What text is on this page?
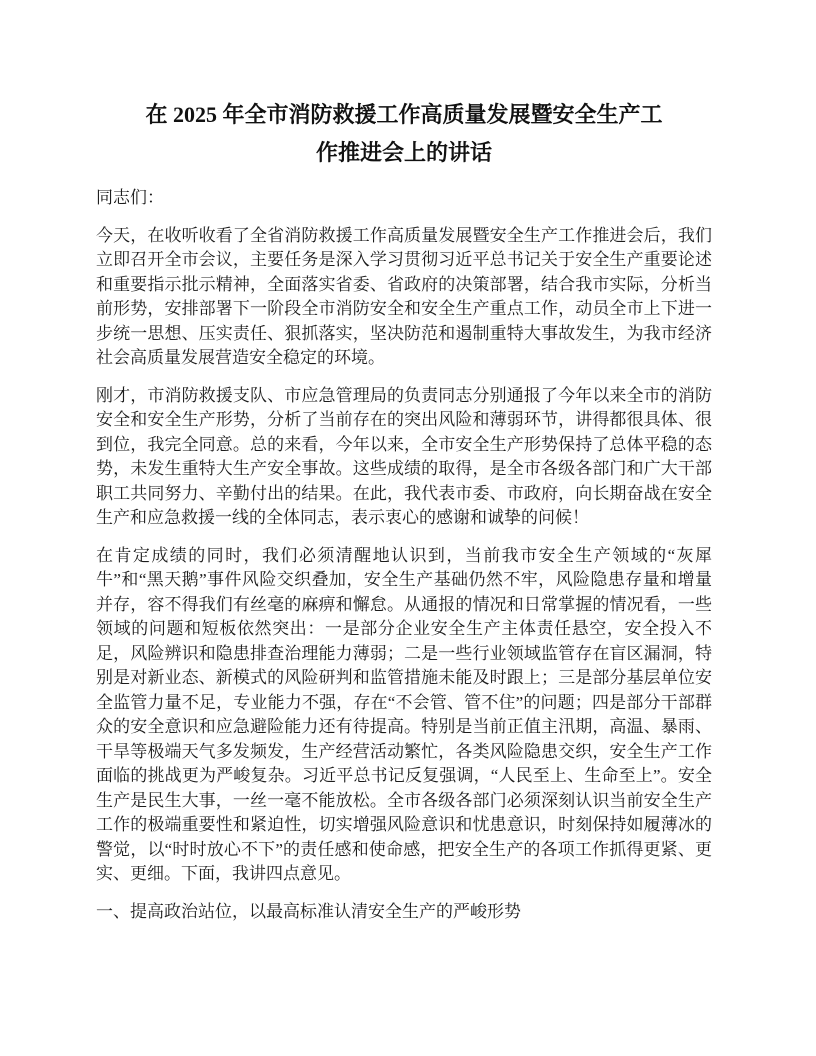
在 2025 年全市消防救援工作高质量发展暨安全生产工
作推进会上的讲话

同志们：

今天，在收听收看了全省消防救援工作高质量发展暨安全生产工作推进会后，我们立即召开全市会议，主要任务是深入学习贯彻习近平总书记关于安全生产重要论述和重要指示批示精神，全面落实省委、省政府的决策部署，结合我市实际，分析当前形势，安排部署下一阶段全市消防安全和安全生产重点工作，动员全市上下进一步统一思想、压实责任、狠抓落实，坚决防范和遏制重特大事故发生，为我市经济社会高质量发展营造安全稳定的环境。

刚才，市消防救援支队、市应急管理局的负责同志分别通报了今年以来全市的消防安全和安全生产形势，分析了当前存在的突出风险和薄弱环节，讲得都很具体、很到位，我完全同意。总的来看，今年以来，全市安全生产形势保持了总体平稳的态势，未发生重特大生产安全事故。这些成绩的取得，是全市各级各部门和广大干部职工共同努力、辛勤付出的结果。在此，我代表市委、市政府，向长期奋战在安全生产和应急救援一线的全体同志，表示衷心的感谢和诚挚的问候！

在肯定成绩的同时，我们必须清醒地认识到，当前我市安全生产领域的“灰犀牛”和“黑天鹅”事件风险交织叠加，安全生产基础仍然不牢，风险隐患存量和增量并存，容不得我们有丝毫的麻痹和懈怠。从通报的情况和日常掌握的情况看，一些领域的问题和短板依然突出：一是部分企业安全生产主体责任悬空，安全投入不足，风险辨识和隐患排查治理能力薄弱；二是一些行业领域监管存在盲区漏洞，特别是对新业态、新模式的风险研判和监管措施未能及时跟上；三是部分基层单位安全监管力量不足，专业能力不强，存在“不会管、管不住”的问题；四是部分干部群众的安全意识和应急避险能力还有待提高。特别是当前正值主汛期，高温、暴雨、干旱等极端天气多发频发，生产经营活动繁忙，各类风险隐患交织，安全生产工作面临的挑战更为严峻复杂。习近平总书记反复强调，“人民至上、生命至上”。安全生产是民生大事，一丝一毫不能放松。全市各级各部门必须深刻认识当前安全生产工作的极端重要性和紧迫性，切实增强风险意识和忧患意识，时刻保持如履薄冰的警觉，以“时时放心不下”的责任感和使命感，把安全生产的各项工作抓得更紧、更实、更细。下面，我讲四点意见。

一、提高政治站位，以最高标准认清安全生产的严峻形势
